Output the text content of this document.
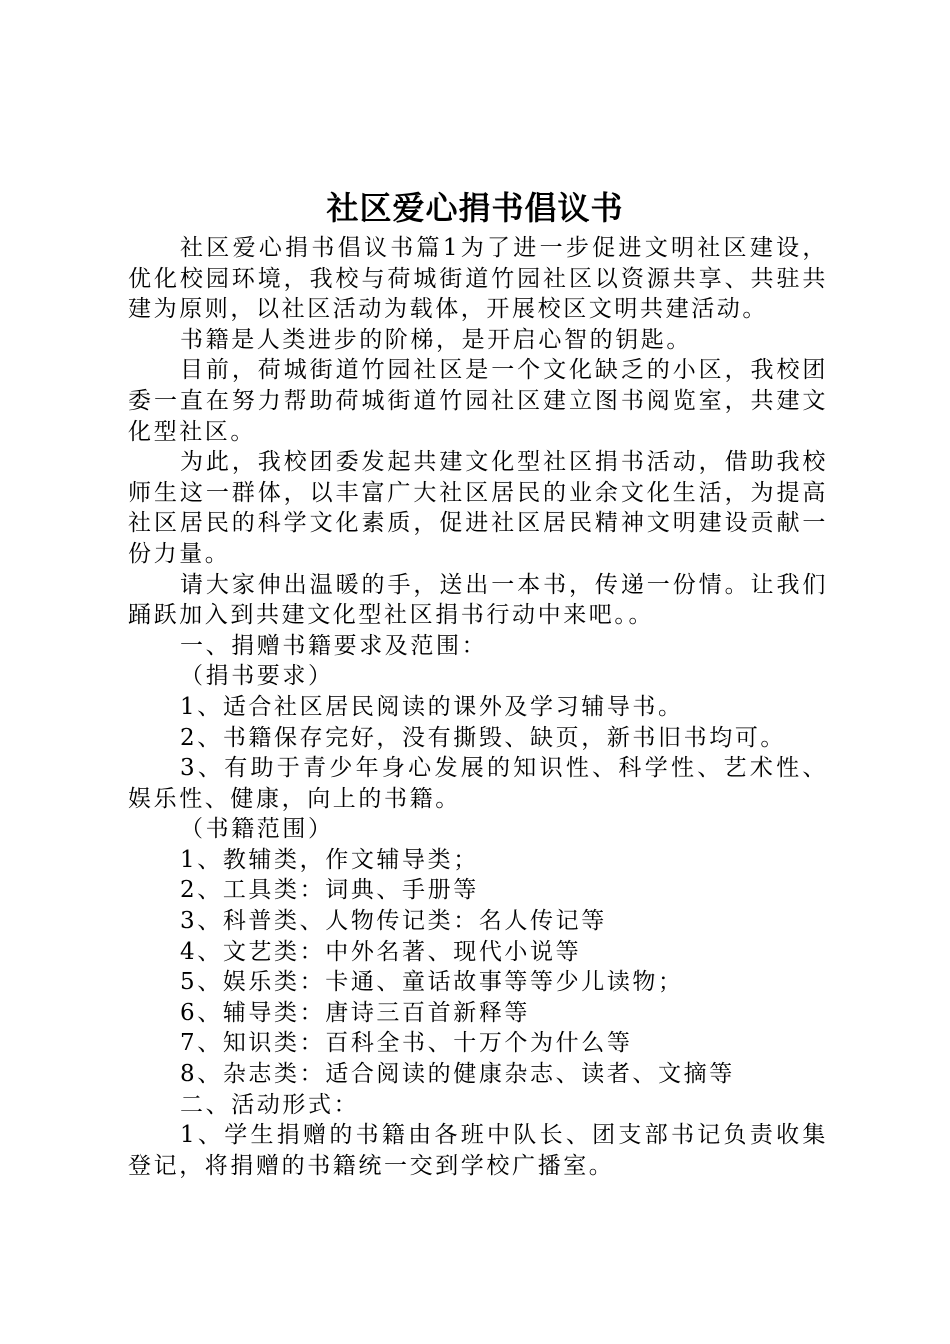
社区爱心捐书倡议书

社区爱心捐书倡议书篇1为了进一步促进文明社区建设，优化校园环境，我校与荷城街道竹园社区以资源共享、共驻共建为原则，以社区活动为载体，开展校区文明共建活动。

书籍是人类进步的阶梯，是开启心智的钥匙。

目前，荷城街道竹园社区是一个文化缺乏的小区，我校团委一直在努力帮助荷城街道竹园社区建立图书阅览室，共建文化型社区。

为此，我校团委发起共建文化型社区捐书活动，借助我校师生这一群体，以丰富广大社区居民的业余文化生活，为提高社区居民的科学文化素质，促进社区居民精神文明建设贡献一份力量。

请大家伸出温暖的手，送出一本书，传递一份情。让我们踊跃加入到共建文化型社区捐书行动中来吧。。

一、捐赠书籍要求及范围：

（捐书要求）

1、适合社区居民阅读的课外及学习辅导书。

2、书籍保存完好，没有撕毁、缺页，新书旧书均可。

3、有助于青少年身心发展的知识性、科学性、艺术性、娱乐性、健康，向上的书籍。

（书籍范围）

1、教辅类，作文辅导类；

2、工具类：词典、手册等

3、科普类、人物传记类：名人传记等

4、文艺类：中外名著、现代小说等

5、娱乐类：卡通、童话故事等等少儿读物；

6、辅导类：唐诗三百首新释等

7、知识类：百科全书、十万个为什么等

8、杂志类：适合阅读的健康杂志、读者、文摘等

二、活动形式：

1、学生捐赠的书籍由各班中队长、团支部书记负责收集登记，将捐赠的书籍统一交到学校广播室。
